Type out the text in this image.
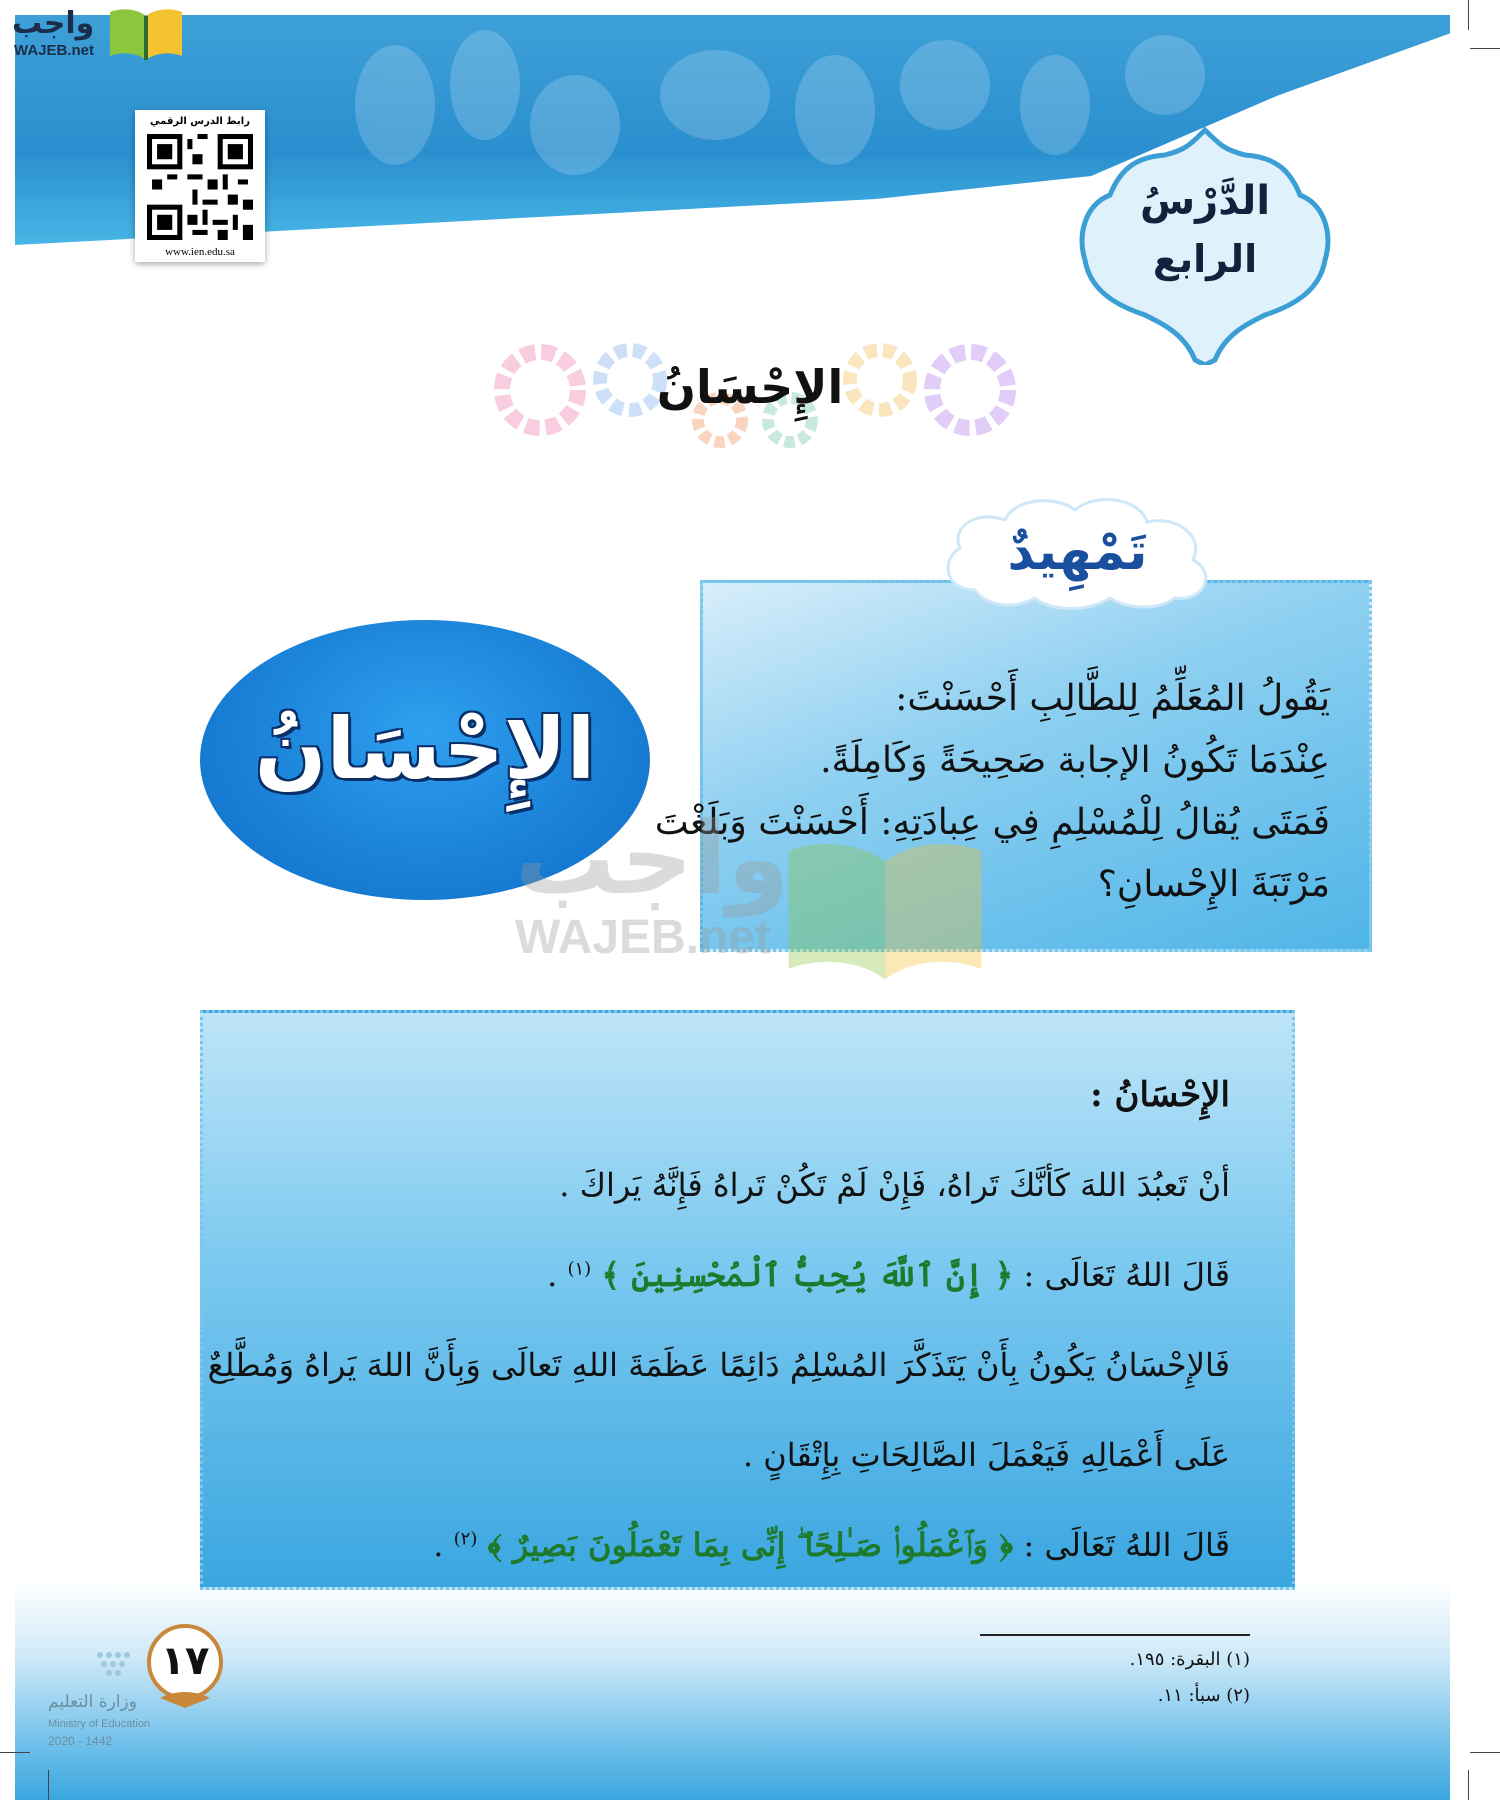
واجب
WAJEB.net
رابط الدرس الرقمي
www.ien.edu.sa
الدَّرْسُ
الرابع
الإِحْسَانُ
تَمْهِيدٌ
يَقُولُ المُعَلِّمُ لِلطَّالِبِ أَحْسَنْتَ:
عِنْدَمَا تَكُونُ الإجابة صَحِيحَةً وَكَامِلَةً.
فَمَتَى يُقالُ لِلْمُسْلِمِ فِي عِبادَتِهِ: أَحْسَنْتَ وَبَلَغْتَ
مَرْتَبَةَ الإِحْسانِ؟
الإِحْسَانُ
واجب
WAJEB.net
الإِحْسَانُ :
أنْ تَعبُدَ اللهَ كَأنَّكَ تَراهُ، فَإِنْ لَمْ تَكُنْ تَراهُ فَإِنَّهُ يَراكَ .
قَالَ اللهُ تَعَالَى : ﴿ إِنَّ ٱللَّهَ يُحِبُّ ٱلْمُحْسِنِينَ ﴾ $^{(١)}$ .
فَالإِحْسَانُ يَكُونُ بِأَنْ يَتَذَكَّرَ المُسْلِمُ دَائِمًا عَظَمَةَ اللهِ تَعالَى وَبِأَنَّ اللهَ يَراهُ وَمُطَّلِعٌ
عَلَى أَعْمَالِهِ فَيَعْمَلَ الصَّالِحَاتِ بِإِتْقَانٍ .
قَالَ اللهُ تَعَالَى : ﴿ وَٱعْمَلُوا۟ صَـٰلِحًا ۖ إِنِّى بِمَا تَعْمَلُونَ بَصِيرٌ ﴾ $^{(٢)}$ .
١٧
وزارة التعليم
Ministry of Education
2020 - 1442
(١) البقرة: ١٩٥.
(٢) سبأ: ١١.
